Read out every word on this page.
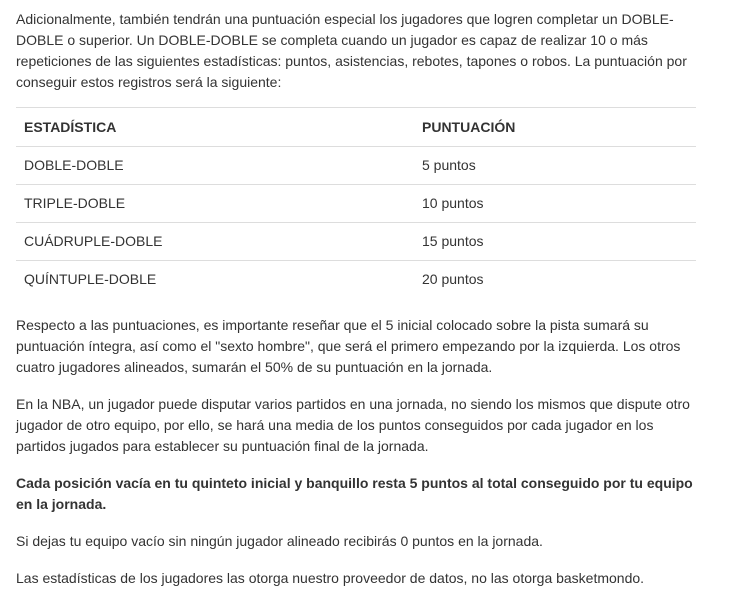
Adicionalmente, también tendrán una puntuación especial los jugadores que logren completar un DOBLE-DOBLE o superior. Un DOBLE-DOBLE se completa cuando un jugador es capaz de realizar 10 o más repeticiones de las siguientes estadísticas: puntos, asistencias, rebotes, tapones o robos. La puntuación por conseguir estos registros será la siguiente:

ESTADÍSTICA	PUNTUACIÓN
DOBLE-DOBLE	5 puntos
TRIPLE-DOBLE	10 puntos
CUÁDRUPLE-DOBLE	15 puntos
QUÍNTUPLE-DOBLE	20 puntos

Respecto a las puntuaciones, es importante reseñar que el 5 inicial colocado sobre la pista sumará su puntuación íntegra, así como el "sexto hombre", que será el primero empezando por la izquierda. Los otros cuatro jugadores alineados, sumarán el 50% de su puntuación en la jornada.

En la NBA, un jugador puede disputar varios partidos en una jornada, no siendo los mismos que dispute otro jugador de otro equipo, por ello, se hará una media de los puntos conseguidos por cada jugador en los partidos jugados para establecer su puntuación final de la jornada.

Cada posición vacía en tu quinteto inicial y banquillo resta 5 puntos al total conseguido por tu equipo en la jornada.

Si dejas tu equipo vacío sin ningún jugador alineado recibirás 0 puntos en la jornada.

Las estadísticas de los jugadores las otorga nuestro proveedor de datos, no las otorga basketmondo.
